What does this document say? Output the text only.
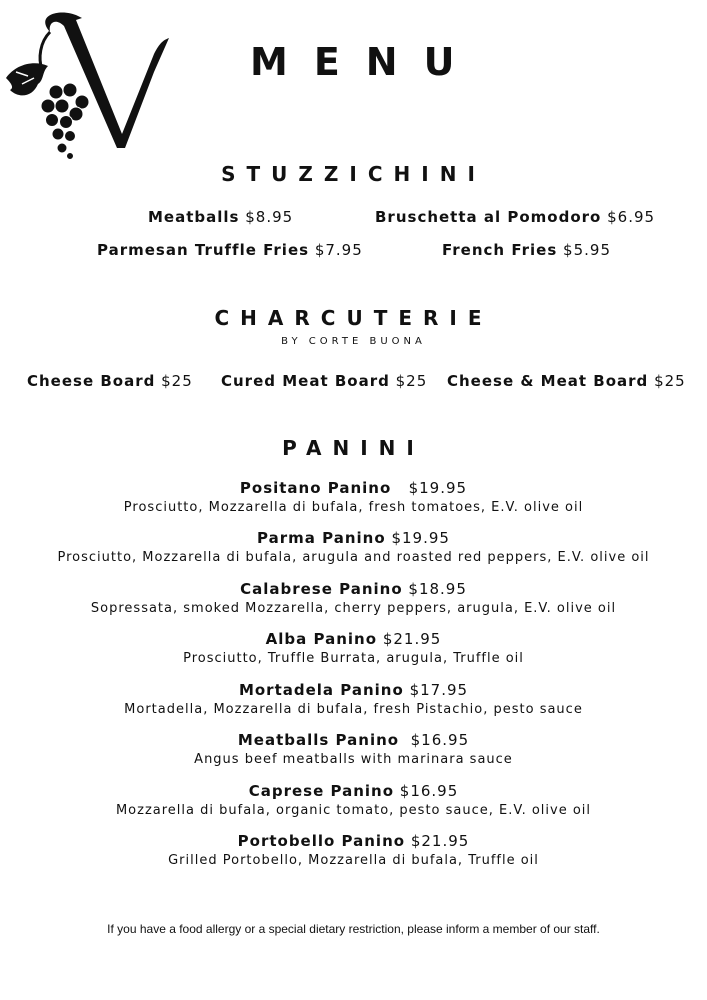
MENU
STUZZICHINI
Meatballs $8.95	Bruschetta al Pomodoro $6.95
Parmesan Truffle Fries $7.95	French Fries $5.95
CHARCUTERIE
BY CORTE BUONA
Cheese Board $25 Cured Meat Board $25 Cheese & Meat Board $25
PANINI
Positano Panino $19.95
Prosciutto, Mozzarella di bufala, fresh tomatoes, E.V. olive oil
Parma Panino $19.95
Prosciutto, Mozzarella di bufala, arugula and roasted red peppers, E.V. olive oil
Calabrese Panino $18.95
Sopressata, smoked Mozzarella, cherry peppers, arugula, E.V. olive oil
Alba Panino $21.95
Prosciutto, Truffle Burrata, arugula, Truffle oil
Mortadela Panino $17.95
Mortadella, Mozzarella di bufala, fresh Pistachio, pesto sauce
Meatballs Panino $16.95
Angus beef meatballs with marinara sauce
Caprese Panino $16.95
Mozzarella di bufala, organic tomato, pesto sauce, E.V. olive oil
Portobello Panino $21.95
Grilled Portobello, Mozzarella di bufala, Truffle oil
If you have a food allergy or a special dietary restriction, please inform a member of our staff.
